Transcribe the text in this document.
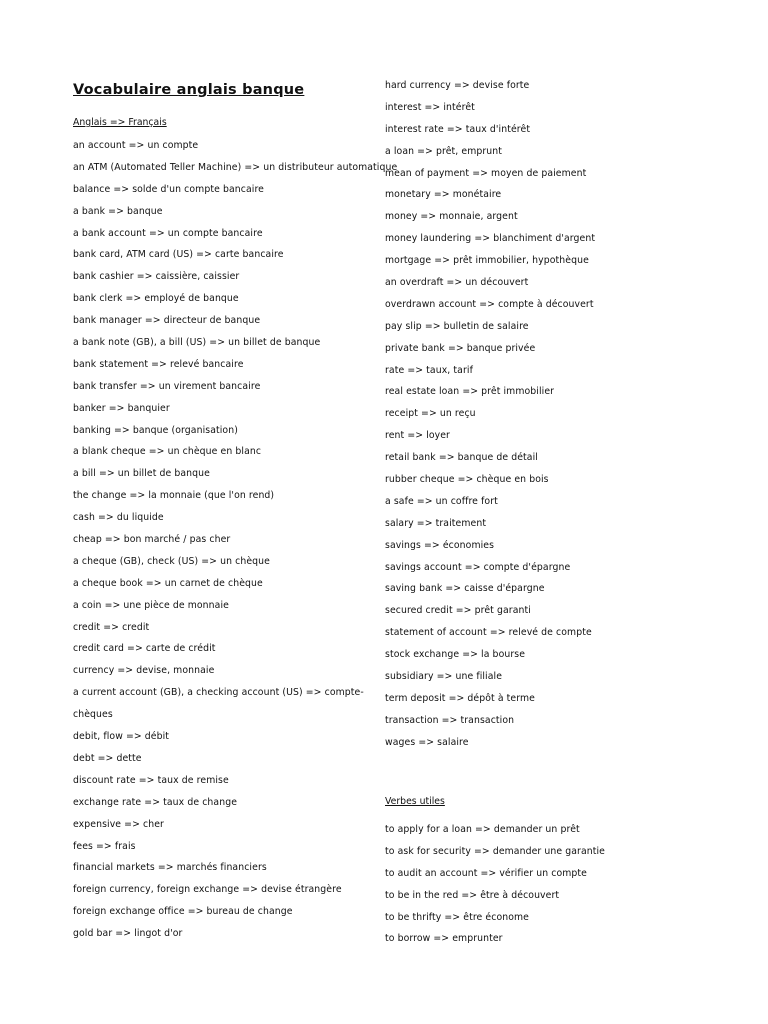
Vocabulaire anglais banque
Anglais => Français
an account => un compte
an ATM (Automated Teller Machine) => un distributeur automatique
balance => solde d'un compte bancaire
a bank => banque
a bank account => un compte bancaire
bank card, ATM card (US) => carte bancaire
bank cashier => caissière, caissier
bank clerk => employé de banque
bank manager => directeur de banque
a bank note (GB), a bill (US) => un billet de banque
bank statement => relevé bancaire
bank transfer => un virement bancaire
banker => banquier
banking => banque (organisation)
a blank cheque => un chèque en blanc
a bill => un billet de banque
the change => la monnaie (que l'on rend)
cash => du liquide
cheap => bon marché / pas cher
a cheque (GB), check (US) => un chèque
a cheque book => un carnet de chèque
a coin => une pièce de monnaie
credit => credit
credit card => carte de crédit
currency => devise, monnaie
a current account (GB), a checking account (US) => compte-
chèques
debit, flow => débit
debt => dette
discount rate => taux de remise
exchange rate => taux de change
expensive => cher
fees => frais
financial markets => marchés financiers
foreign currency, foreign exchange => devise étrangère
foreign exchange office => bureau de change
gold bar => lingot d'or
hard currency => devise forte
interest => intérêt
interest rate => taux d'intérêt
a loan => prêt, emprunt
mean of payment => moyen de paiement
monetary => monétaire
money => monnaie, argent
money laundering => blanchiment d'argent
mortgage => prêt immobilier, hypothèque
an overdraft => un découvert
overdrawn account => compte à découvert
pay slip => bulletin de salaire
private bank => banque privée
rate => taux, tarif
real estate loan => prêt immobilier
receipt => un reçu
rent => loyer
retail bank => banque de détail
rubber cheque => chèque en bois
a safe => un coffre fort
salary => traitement
savings => économies
savings account => compte d'épargne
saving bank => caisse d'épargne
secured credit => prêt garanti
statement of account => relevé de compte
stock exchange => la bourse
subsidiary => une filiale
term deposit => dépôt à terme
transaction => transaction
wages => salaire
Verbes utiles
to apply for a loan => demander un prêt
to ask for security => demander une garantie
to audit an account => vérifier un compte
to be in the red => être à découvert
to be thrifty => être économe
to borrow => emprunter
